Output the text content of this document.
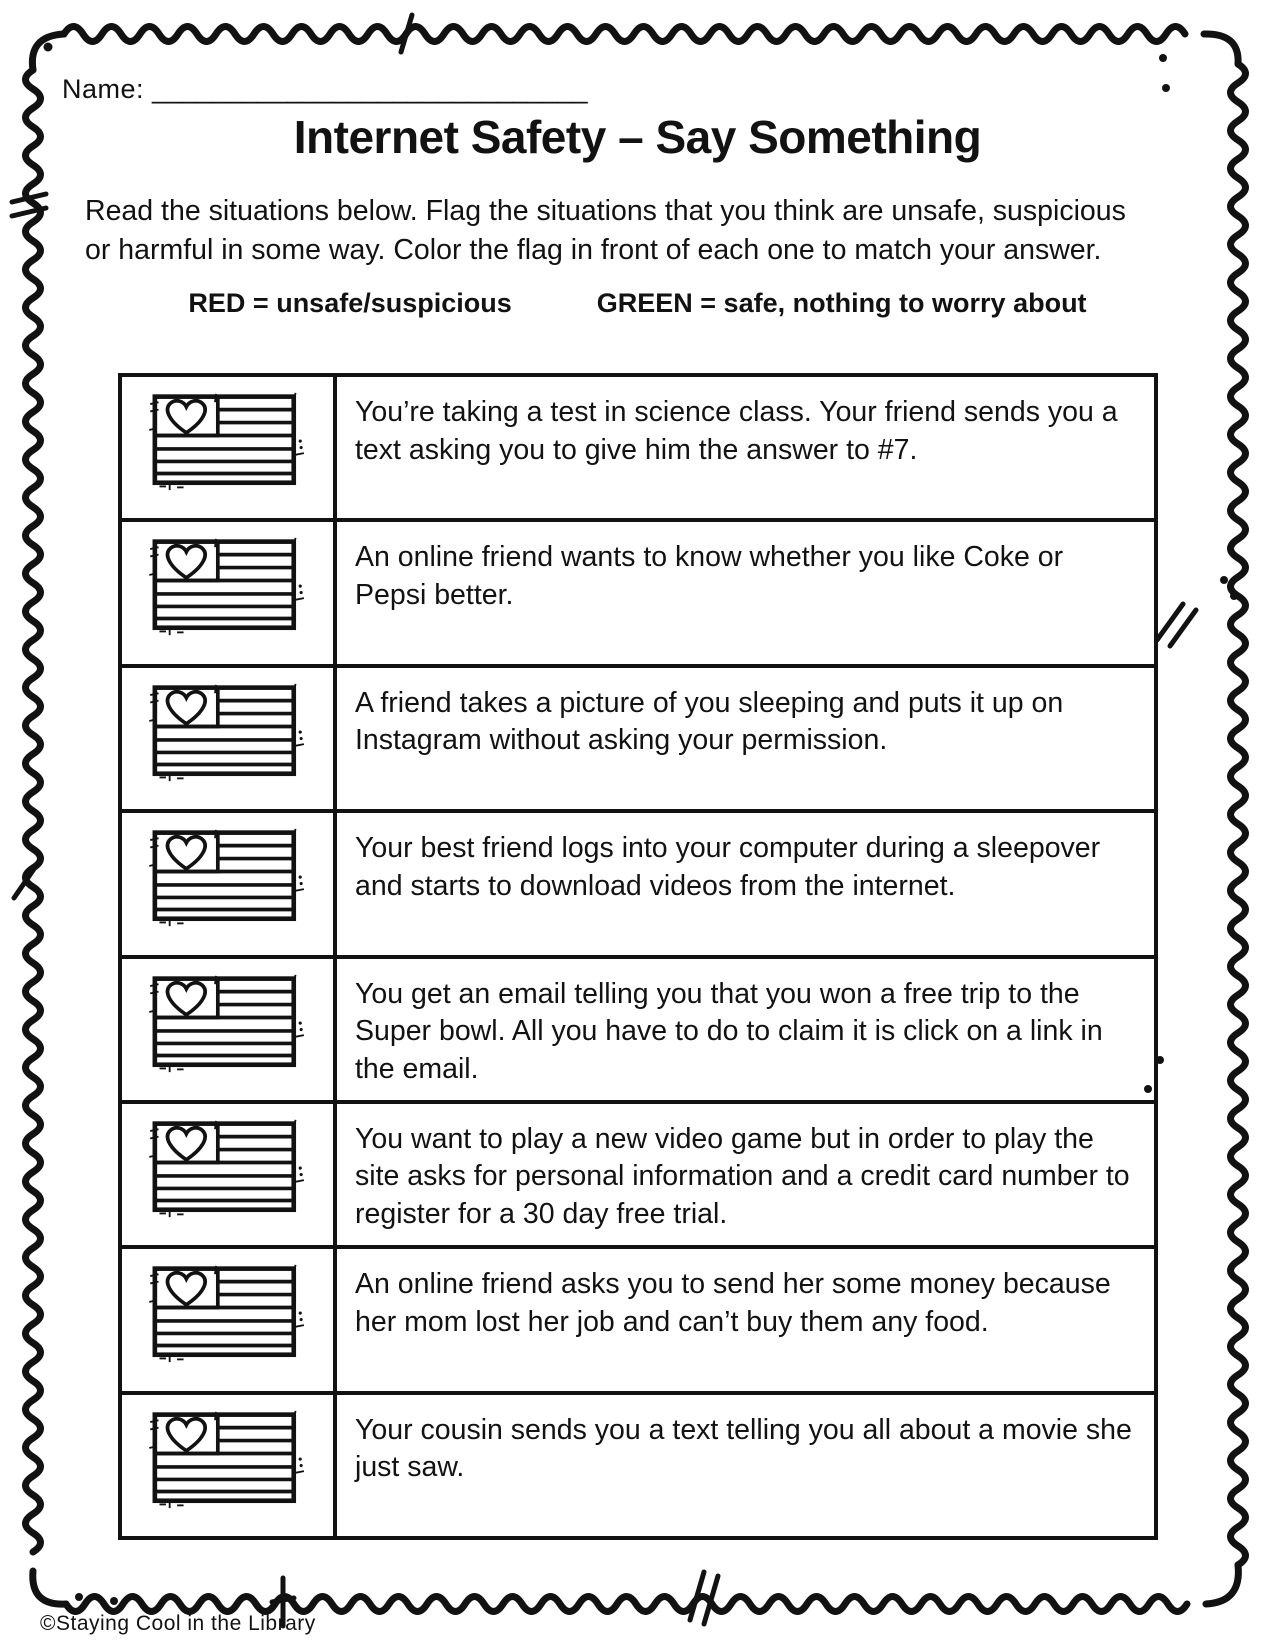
Name: _____________________________
Internet Safety – Say Something
Read the situations below. Flag the situations that you think are unsafe, suspicious or harmful in some way. Color the flag in front of each one to match your answer.
RED = unsafe/suspicious	GREEN = safe, nothing to worry about
You’re taking a test in science class. Your friend sends you a text asking you to give him the answer to #7.
An online friend wants to know whether you like Coke or Pepsi better.
A friend takes a picture of you sleeping and puts it up on Instagram without asking your permission.
Your best friend logs into your computer during a sleepover and starts to download videos from the internet.
You get an email telling you that you won a free trip to the Super bowl. All you have to do to claim it is click on a link in the email.
You want to play a new video game but in order to play the site asks for personal information and a credit card number to register for a 30 day free trial.
An online friend asks you to send her some money because her mom lost her job and can’t buy them any food.
Your cousin sends you a text telling you all about a movie she just saw.
©Staying Cool in the Library
